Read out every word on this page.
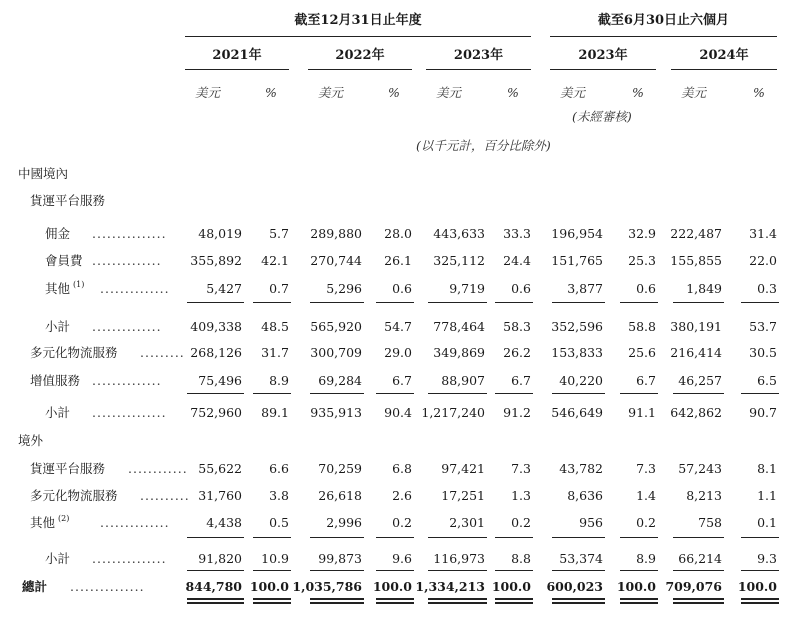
截至12月31日止年度	截至6月30日止六個月
2021年
美元	%
2022年
美元	%
2023年
美元	%
2023年
美元	%
2024年
美元	%
(未經審核)
(以千元計，百分比除外)
中國境內
貨運平台服務
佣金 ...............	48,019	5.7	289,880	28.0	443,633	33.3	196,954	32.9	222,487	31.4
會員費 ..............	355,892	42.1	270,744	26.1	325,112	24.4	151,765	25.3	155,855	22.0
其他 (1) ..............	5,427	0.7	5,296	0.6	9,719	0.6	3,877	0.6	1,849	0.3
小計 ..............	409,338	48.5	565,920	54.7	778,464	58.3	352,596	58.8	380,191	53.7
多元化物流服務 ......... 268,126	31.7	300,709	29.0	349,869	26.2	153,833	25.6	216,414	30.5
增值服務 ..............	75,496	8.9	69,284	6.7	88,907	6.7	40,220	6.7	46,257	6.5
小計 ...............	752,960	89.1	935,913	90.4 1,217,240	91.2	546,649	91.1	642,862	90.7
境外
貨運平台服務 ............ 55,622	6.6	70,259	6.8	97,421	7.3	43,782	7.3	57,243	8.1
多元化物流服務 .......... 31,760	3.8	26,618	2.6	17,251	1.3	8,636	1.4	8,213	1.1
其他 (2) ..............	4,438	0.5	2,996	0.2	2,301	0.2	956	0.2	758	0.1
小計 ...............	91,820	10.9	99,873	9.6	116,973	8.8	53,374	8.9	66,214	9.3
總計 ...............	844,780 100.0 1,035,786 100.0 1,334,213 100.0	600,023	100.0 709,076	100.0
